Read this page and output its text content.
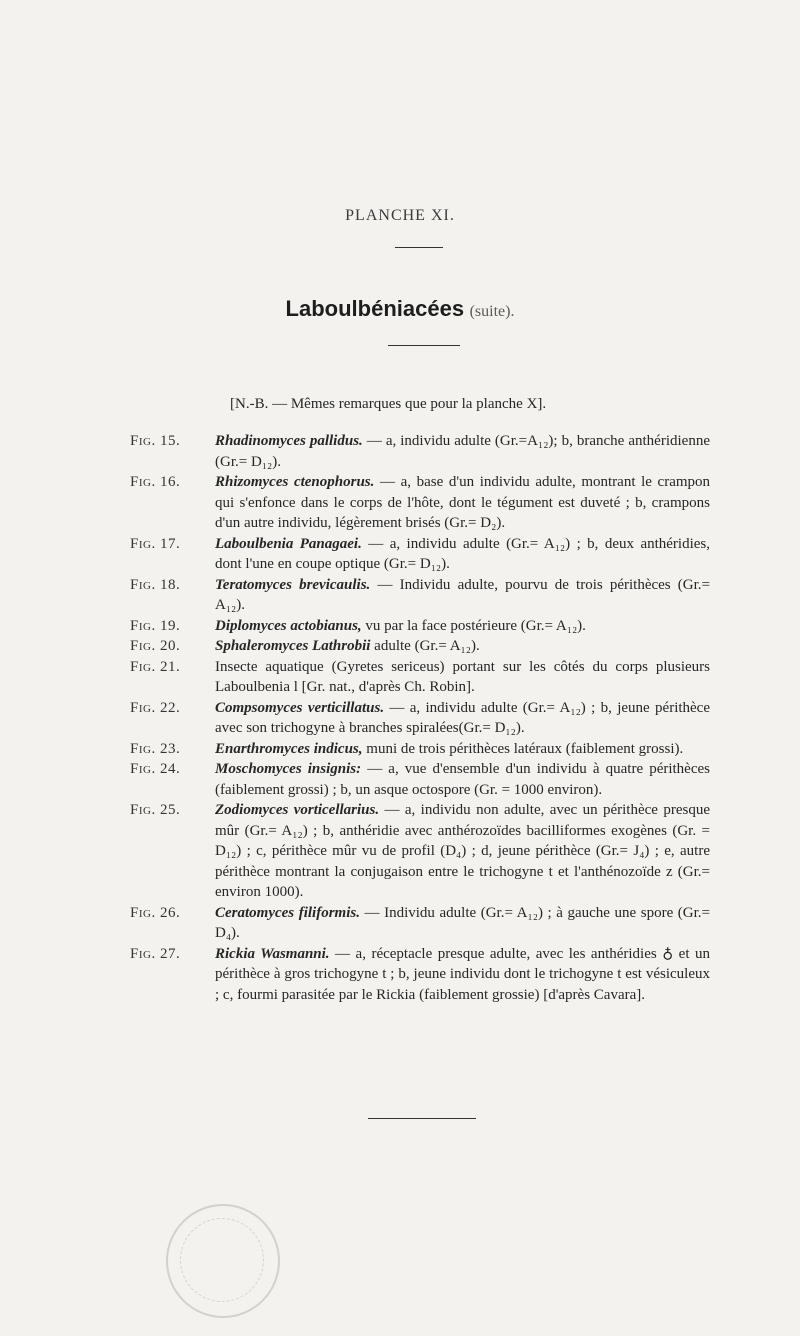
PLANCHE XI.
Laboulbéniacées (suite).
[N.-B. — Mêmes remarques que pour la planche X].
Fig. 15.	Rhadinomyces pallidus. — a, individu adulte (Gr.=A₁₂); b, branche anthéridienne (Gr.= D₁₂).
Fig. 16.	Rhizomyces ctenophorus. — a, base d'un individu adulte, montrant le crampon qui s'enfonce dans le corps de l'hôte, dont le tégument est duveté ; b, crampons d'un autre individu, légèrement brisés (Gr.= D₂).
Fig. 17.	Laboulbenia Panagaei. — a, individu adulte (Gr.= A₁₂) ; b, deux anthéridies, dont l'une en coupe optique (Gr.= D₁₂).
Fig. 18.	Teratomyces brevicaulis. — Individu adulte, pourvu de trois périthèces (Gr.= A₁₂).
Fig. 19.	Diplomyces actobianus, vu par la face postérieure (Gr.= A₁₂).
Fig. 20.	Sphaleromyces Lathrobii adulte (Gr.= A₁₂).
Fig. 21.	Insecte aquatique (Gyretes sericeus) portant sur les côtés du corps plusieurs Laboulbenia l [Gr. nat., d'après Ch. Robin].
Fig. 22.	Compsomyces verticillatus. — a, individu adulte (Gr.= A₁₂) ; b, jeune périthèce avec son trichogyne à branches spiralées(Gr.= D₁₂).
Fig. 23.	Enarthromyces indicus, muni de trois périthèces latéraux (faiblement grossi).
Fig. 24.	Moschomyces insignis: — a, vue d'ensemble d'un individu à quatre périthèces (faiblement grossi) ; b, un asque octospore (Gr. = 1000 environ).
Fig. 25.	Zodiomyces vorticellarius. — a, individu non adulte, avec un périthèce presque mûr (Gr.= A₁₂) ; b, anthéridie avec anthérozoïdes bacilliformes exogènes (Gr. = D₁₂) ; c, périthèce mûr vu de profil (D₄) ; d, jeune périthèce (Gr.= J₄) ; e, autre périthèce montrant la conjugaison entre le trichogyne t et l'anthénozoïde z (Gr.= environ 1000).
Fig. 26.	Ceratomyces filiformis. — Individu adulte (Gr.= A₁₂) ; à gauche une spore (Gr.= D₄).
Fig. 27.	Rickia Wasmanni. — a, réceptacle presque adulte, avec les anthéridies ♁ et un périthèce à gros trichogyne t ; b, jeune individu dont le trichogyne t est vésiculeux ; c, fourmi parasitée par le Rickia (faiblement grossie) [d'après Cavara].
